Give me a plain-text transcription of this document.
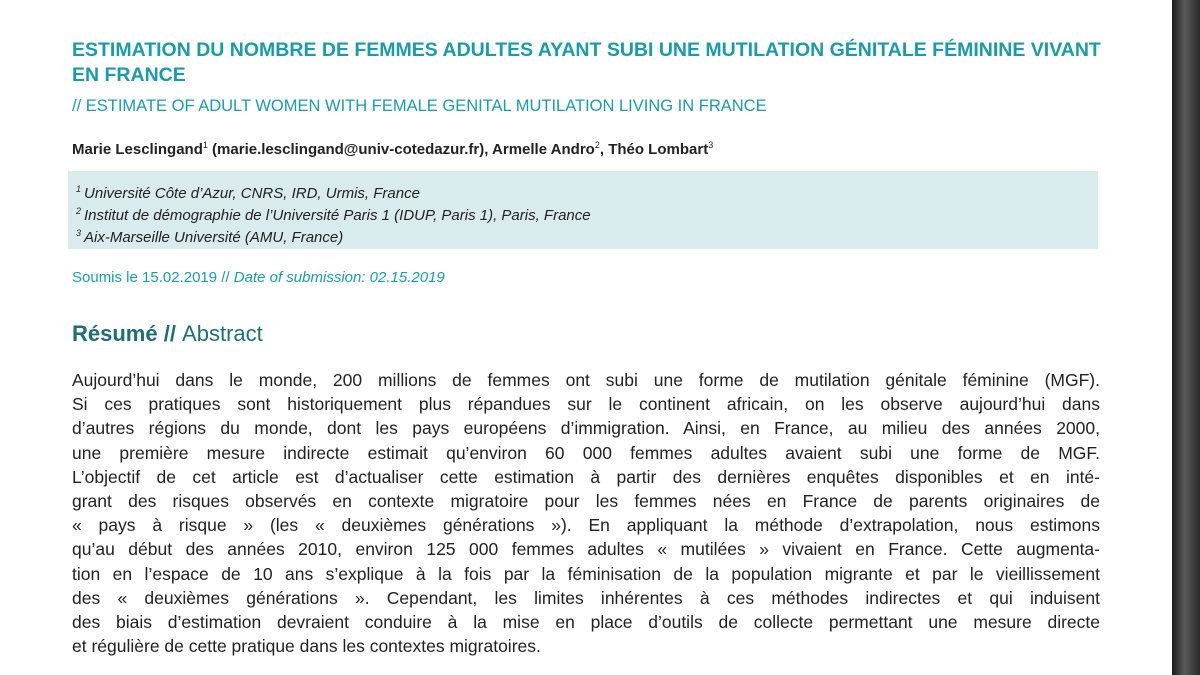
ESTIMATION DU NOMBRE DE FEMMES ADULTES AYANT SUBI UNE MUTILATION GÉNITALE FÉMININE VIVANT EN FRANCE

// ESTIMATE OF ADULT WOMEN WITH FEMALE GENITAL MUTILATION LIVING IN FRANCE

Marie Lesclingand$^1$ (marie.lesclingand@univ-cotedazur.fr), Armelle Andro$^2$, Théo Lombart$^3$

$^1$ Université Côte d’Azur, CNRS, IRD, Urmis, France
$^2$ Institut de démographie de l’Université Paris 1 (IDUP, Paris 1), Paris, France
$^3$ Aix-Marseille Université (AMU, France)
Soumis le 15.02.2019 // Date of submission: 02.15.2019
Résumé // Abstract
Aujourd’hui dans le monde, 200 millions de femmes ont subi une forme de mutilation génitale féminine (MGF).
Si ces pratiques sont historiquement plus répandues sur le continent africain, on les observe aujourd’hui dans
d’autres régions du monde, dont les pays européens d’immigration. Ainsi, en France, au milieu des années 2000,
une première mesure indirecte estimait qu’environ 60 000 femmes adultes avaient subi une forme de MGF.
L’objectif de cet article est d’actualiser cette estimation à partir des dernières enquêtes disponibles et en inté-
grant des risques observés en contexte migratoire pour les femmes nées en France de parents originaires de
« pays à risque » (les « deuxièmes générations »). En appliquant la méthode d’extrapolation, nous estimons
qu’au début des années 2010, environ 125 000 femmes adultes « mutilées » vivaient en France. Cette augmenta-
tion en l’espace de 10 ans s’explique à la fois par la féminisation de la population migrante et par le vieillissement
des « deuxièmes générations ». Cependant, les limites inhérentes à ces méthodes indirectes et qui induisent
des biais d’estimation devraient conduire à la mise en place d’outils de collecte permettant une mesure directe
et régulière de cette pratique dans les contextes migratoires.
